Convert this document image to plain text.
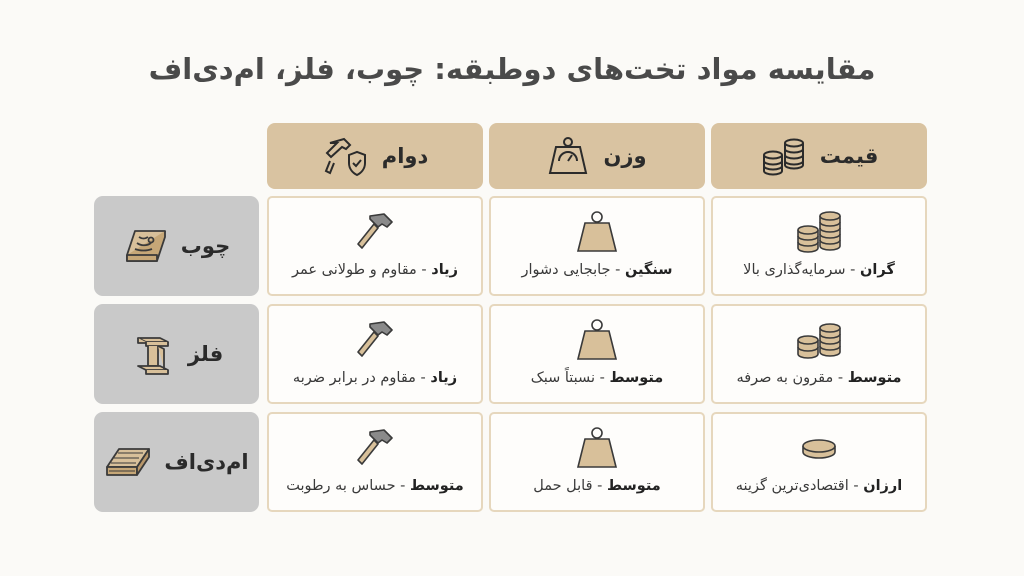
مقایسه مواد تخت‌های دوطبقه: چوب، فلز، ام‌دی‌اف
قیمت
وزن
دوام
چوب
فلز
ام‌دی‌اف
گران - سرمایه‌گذاری بالا
سنگین - جابجایی دشوار
زیاد - مقاوم و طولانی عمر
متوسط - مقرون به صرفه
متوسط - نسبتاً سبک
زیاد - مقاوم در برابر ضربه
ارزان - اقتصادی‌ترین گزینه
متوسط - قابل حمل
متوسط - حساس به رطوبت
